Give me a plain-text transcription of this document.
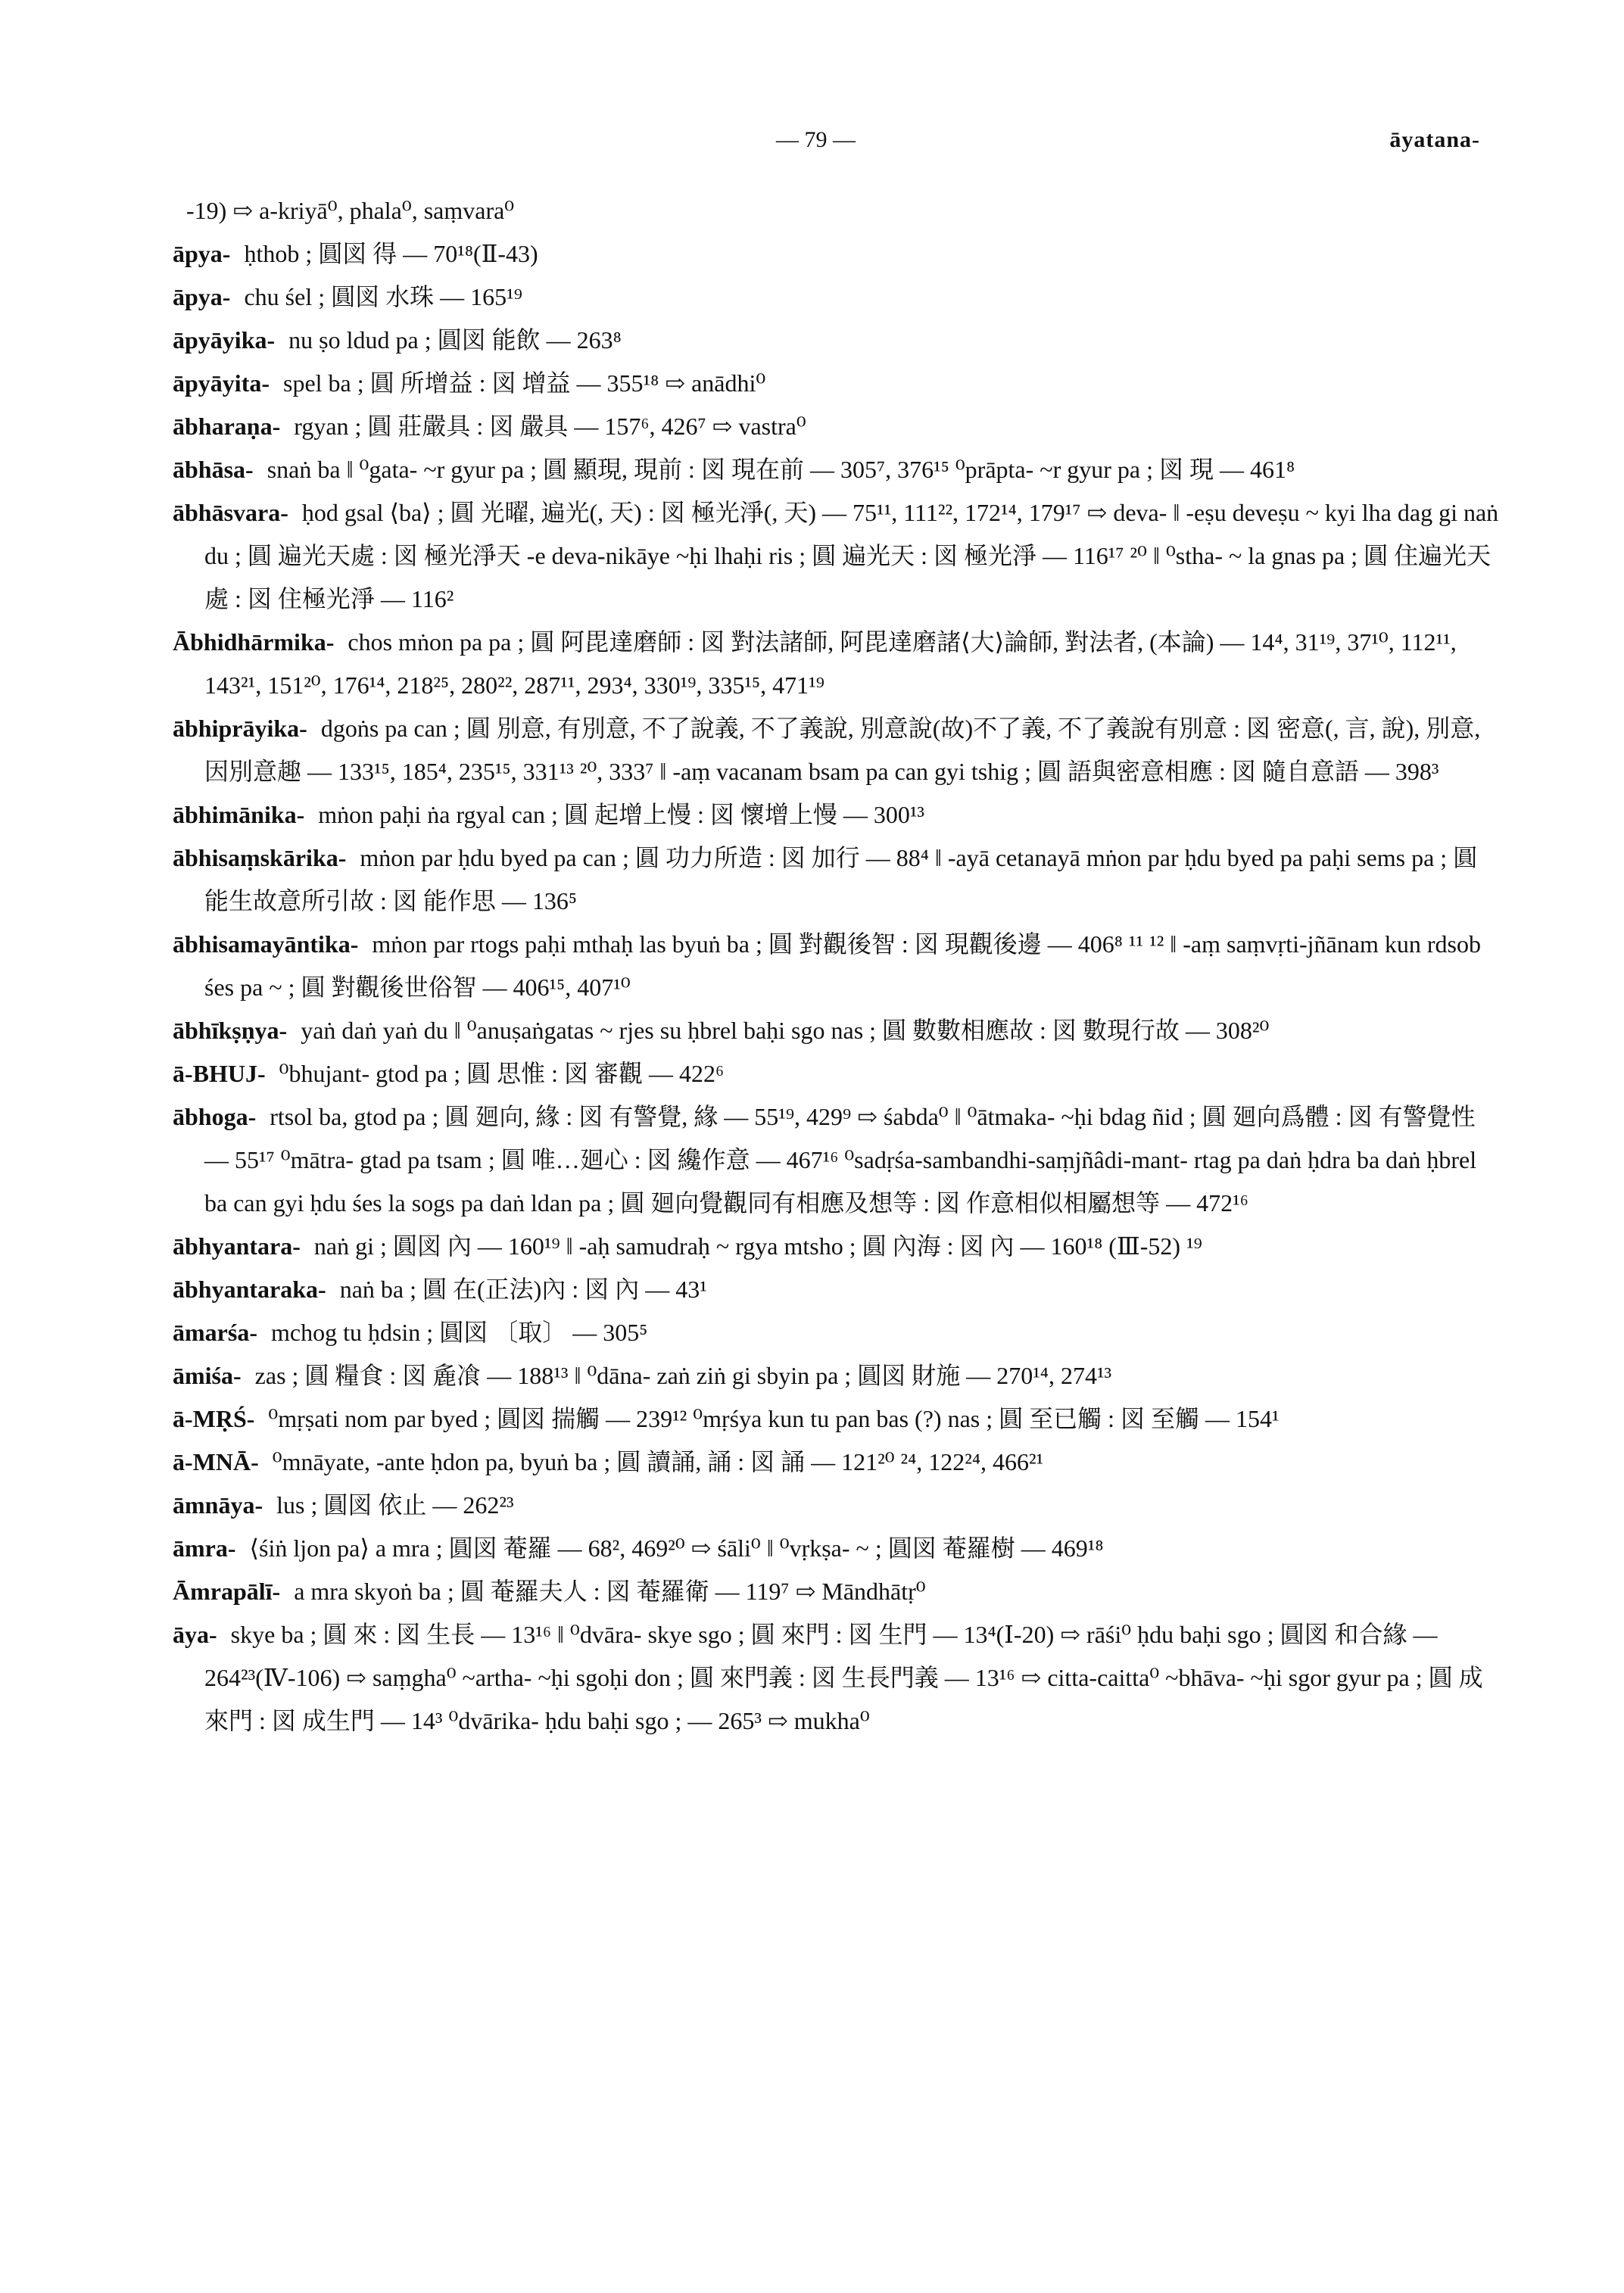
— 79 —	āyatana-
-19) ⇨ a-kriyā⁰, phala⁰, saṃvara⁰
āpya- ḥthob ; 圓図 得 — 70¹⁸(Ⅱ-43)
āpya- chu śel ; 圓図 水珠 — 165¹⁹
āpyāyika- nu ṣo ldud pa ; 圓図 能飲 — 263⁸
āpyāyita- spel ba ; 圓 所增益 : 図 增益 — 355¹⁸ ⇨ anādhi⁰
ābharaṇa- rgyan ; 圓 莊嚴具 : 図 嚴具 — 157⁶, 426⁷ ⇨ vastra⁰
ābhāsa- snaṅ ba ‖ ⁰gata- ~r gyur pa ; 圓 顯現, 現前 : 図 現在前 — 305⁷, 376¹⁵ ⁰prāpta- ~r gyur pa ; 図 現 — 461⁸
ābhāsvara- ḥod gsal ⟨ba⟩ ; 圓 光曜, 遍光(, 天) : 図 極光淨(, 天) — 75¹¹, 111²², 172¹⁴, 179¹⁷ ⇨ deva- ‖ -eṣu deveṣu ~ kyi lha dag gi naṅ du ; 圓 遍光天處 : 図 極光淨天 -e deva-nikāye ~ḥi lhaḥi ris ; 圓 遍光天 : 図 極光淨 — 116¹⁷ ²⁰ ‖ ⁰stha- ~ la gnas pa ; 圓 住遍光天處 : 図 住極光淨 — 116²
Ābhidhārmika- chos mṅon pa pa ; 圓 阿毘達磨師 : 図 對法諸師, 阿毘達磨諸⟨大⟩論師, 對法者, (本論) — 14⁴, 31¹⁹, 37¹⁰, 112¹¹, 143²¹, 151²⁰, 176¹⁴, 218²⁵, 280²², 287¹¹, 293⁴, 330¹⁹, 335¹⁵, 471¹⁹
ābhiprāyika- dgoṅs pa can ; 圓 別意, 有別意, 不了說義, 不了義說, 別意說(故)不了義, 不了義說有別意 : 図 密意(, 言, 說), 別意, 因別意趣 — 133¹⁵, 185⁴, 235¹⁵, 331¹³ ²⁰, 333⁷ ‖ -aṃ vacanam bsam pa can gyi tshig ; 圓 語與密意相應 : 図 隨自意語 — 398³
ābhimānika- mṅon paḥi ṅa rgyal can ; 圓 起增上慢 : 図 懷增上慢 — 300¹³
ābhisaṃskārika- mṅon par ḥdu byed pa can ; 圓 功力所造 : 図 加行 — 88⁴ ‖ -ayā cetanayā mṅon par ḥdu byed pa paḥi sems pa ; 圓 能生故意所引故 : 図 能作思 — 136⁵
ābhisamayāntika- mṅon par rtogs paḥi mthaḥ las byuṅ ba ; 圓 對觀後智 : 図 現觀後邊 — 406⁸ ¹¹ ¹² ‖ -aṃ saṃvṛti-jñānam kun rdsob śes pa ~ ; 圓 對觀後世俗智 — 406¹⁵, 407¹⁰
ābhīkṣṇya- yaṅ daṅ yaṅ du ‖ ⁰anuṣaṅgatas ~ rjes su ḥbrel baḥi sgo nas ; 圓 數數相應故 : 図 數現行故 — 308²⁰
ā-BHUJ- ⁰bhujant- gtod pa ; 圓 思惟 : 図 審觀 — 422⁶
ābhoga- rtsol ba, gtod pa ; 圓 廻向, 緣 : 図 有警覺, 緣 — 55¹⁹, 429⁹ ⇨ śabda⁰ ‖ ⁰ātmaka- ~ḥi bdag ñid ; 圓 廻向爲體 : 図 有警覺性 — 55¹⁷ ⁰mātra- gtad pa tsam ; 圓 唯…廻心 : 図 纔作意 — 467¹⁶ ⁰sadṛśa-sambandhi-saṃjñâdi-mant- rtag pa daṅ ḥdra ba daṅ ḥbrel ba can gyi ḥdu śes la sogs pa daṅ ldan pa ; 圓 廻向覺觀同有相應及想等 : 図 作意相似相屬想等 — 472¹⁶
ābhyantara- naṅ gi ; 圓図 內 — 160¹⁹ ‖ -aḥ samudraḥ ~ rgya mtsho ; 圓 內海 : 図 內 — 160¹⁸ (Ⅲ-52) ¹⁹
ābhyantaraka- naṅ ba ; 圓 在(正法)內 : 図 內 — 43¹
āmarśa- mchog tu ḥdsin ; 圓図 〔取〕 — 305⁵
āmiśa- zas ; 圓 糧食 : 図 麁飡 — 188¹³ ‖ ⁰dāna- zaṅ ziṅ gi sbyin pa ; 圓図 財施 — 270¹⁴, 274¹³
ā-MṚŚ- ⁰mṛṣati nom par byed ; 圓図 揣觸 — 239¹² ⁰mṛśya kun tu pan bas (?) nas ; 圓 至已觸 : 図 至觸 — 154¹
ā-MNĀ- ⁰mnāyate, -ante ḥdon pa, byuṅ ba ; 圓 讀誦, 誦 : 図 誦 — 121²⁰ ²⁴, 122²⁴, 466²¹
āmnāya- lus ; 圓図 依止 — 262²³
āmra- ⟨śiṅ ljon pa⟩ a mra ; 圓図 菴羅 — 68², 469²⁰ ⇨ śāli⁰ ‖ ⁰vṛkṣa- ~ ; 圓図 菴羅樹 — 469¹⁸
Āmrapālī- a mra skyoṅ ba ; 圓 菴羅夫人 : 図 菴羅衛 — 119⁷ ⇨ Māndhātṛ⁰
āya- skye ba ; 圓 來 : 図 生長 — 13¹⁶ ‖ ⁰dvāra- skye sgo ; 圓 來門 : 図 生門 — 13⁴(Ⅰ-20) ⇨ rāśi⁰ ḥdu baḥi sgo ; 圓図 和合緣 — 264²³(Ⅳ-106) ⇨ saṃgha⁰ ~artha- ~ḥi sgoḥi don ; 圓 來門義 : 図 生長門義 — 13¹⁶ ⇨ citta-caitta⁰ ~bhāva- ~ḥi sgor gyur pa ; 圓 成來門 : 図 成生門 — 14³ ⁰dvārika- ḥdu baḥi sgo ; — 265³ ⇨ mukha⁰
